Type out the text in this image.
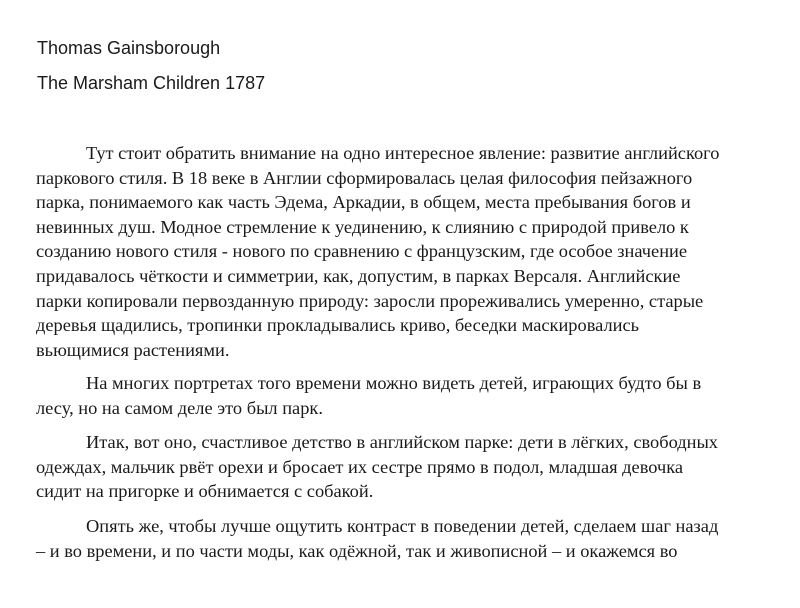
Thomas Gainsborough
The Marsham Children 1787

Тут стоит обратить внимание на одно интересное явление: развитие английского
паркового стиля. В 18 веке в Англии сформировалась целая философия пейзажного
парка, понимаемого как часть Эдема, Аркадии, в общем, места пребывания богов и
невинных душ. Модное стремление к уединению, к слиянию с природой привело к
созданию нового стиля - нового по сравнению с французским, где особое значение
придавалось чёткости и симметрии, как, допустим, в парках Версаля. Английские
парки копировали первозданную природу: заросли прореживались умеренно, старые
деревья щадились, тропинки прокладывались криво, беседки маскировались
вьющимися растениями.

На многих портретах того времени можно видеть детей, играющих будто бы в
лесу, но на самом деле это был парк.

Итак, вот оно, счастливое детство в английском парке: дети в лёгких, свободных
одеждах, мальчик рвёт орехи и бросает их сестре прямо в подол, младшая девочка
сидит на пригорке и обнимается с собакой.

Опять же, чтобы лучше ощутить контраст в поведении детей, сделаем шаг назад
– и во времени, и по части моды, как одёжной, так и живописной – и окажемся во
